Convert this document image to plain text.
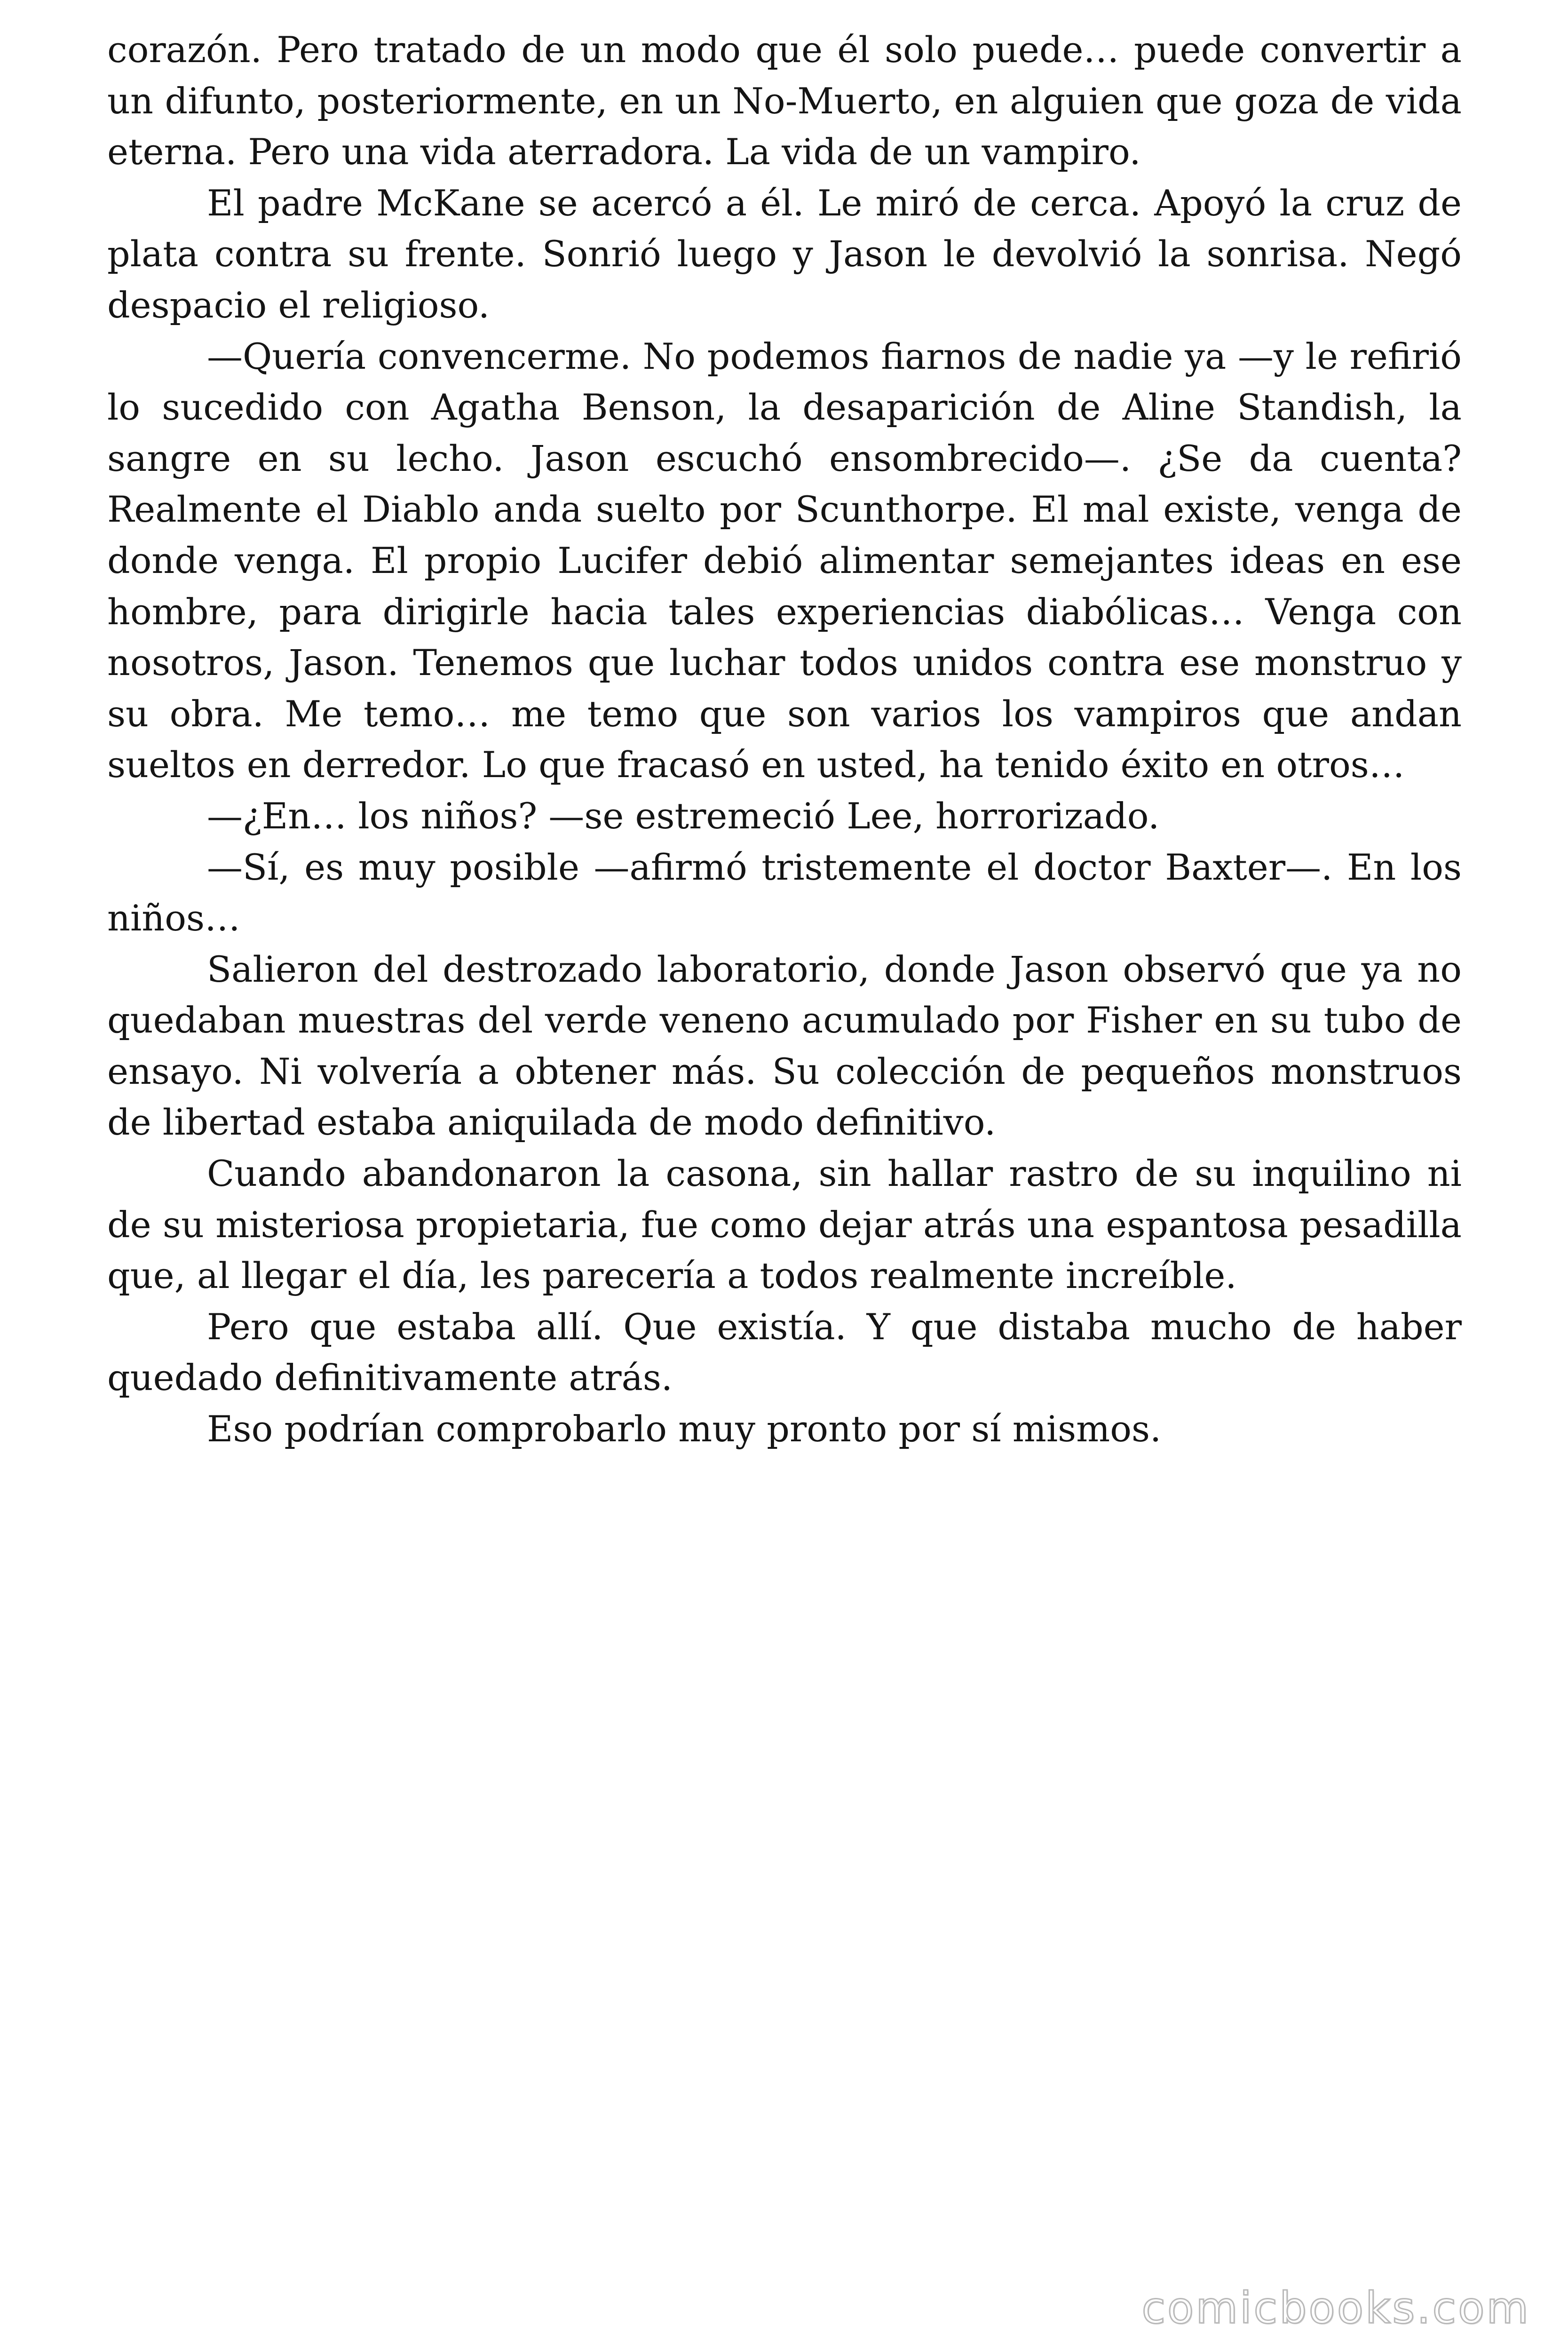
corazón. Pero tratado de un modo que él solo puede… puede convertir a un difunto, posteriormente, en un No-Muerto, en alguien que goza de vida eterna. Pero una vida aterradora. La vida de un vampiro.

El padre McKane se acercó a él. Le miró de cerca. Apoyó la cruz de plata contra su frente. Sonrió luego y Jason le devolvió la sonrisa. Negó despacio el religioso.

—Quería convencerme. No podemos fiarnos de nadie ya —y le refirió lo sucedido con Agatha Benson, la desaparición de Aline Standish, la sangre en su lecho. Jason escuchó ensombrecido—. ¿Se da cuenta? Realmente el Diablo anda suelto por Scunthorpe. El mal existe, venga de donde venga. El propio Lucifer debió alimentar semejantes ideas en ese hombre, para dirigirle hacia tales experiencias diabólicas… Venga con nosotros, Jason. Tenemos que luchar todos unidos contra ese monstruo y su obra. Me temo… me temo que son varios los vampiros que andan sueltos en derredor. Lo que fracasó en usted, ha tenido éxito en otros…

—¿En… los niños? —se estremeció Lee, horrorizado.

—Sí, es muy posible —afirmó tristemente el doctor Baxter—. En los niños…

Salieron del destrozado laboratorio, donde Jason observó que ya no quedaban muestras del verde veneno acumulado por Fisher en su tubo de ensayo. Ni volvería a obtener más. Su colección de pequeños monstruos de libertad estaba aniquilada de modo definitivo.

Cuando abandonaron la casona, sin hallar rastro de su inquilino ni de su misteriosa propietaria, fue como dejar atrás una espantosa pesadilla que, al llegar el día, les parecería a todos realmente increíble.

Pero que estaba allí. Que existía. Y que distaba mucho de haber quedado definitivamente atrás.

Eso podrían comprobarlo muy pronto por sí mismos.

comicbooks.com
